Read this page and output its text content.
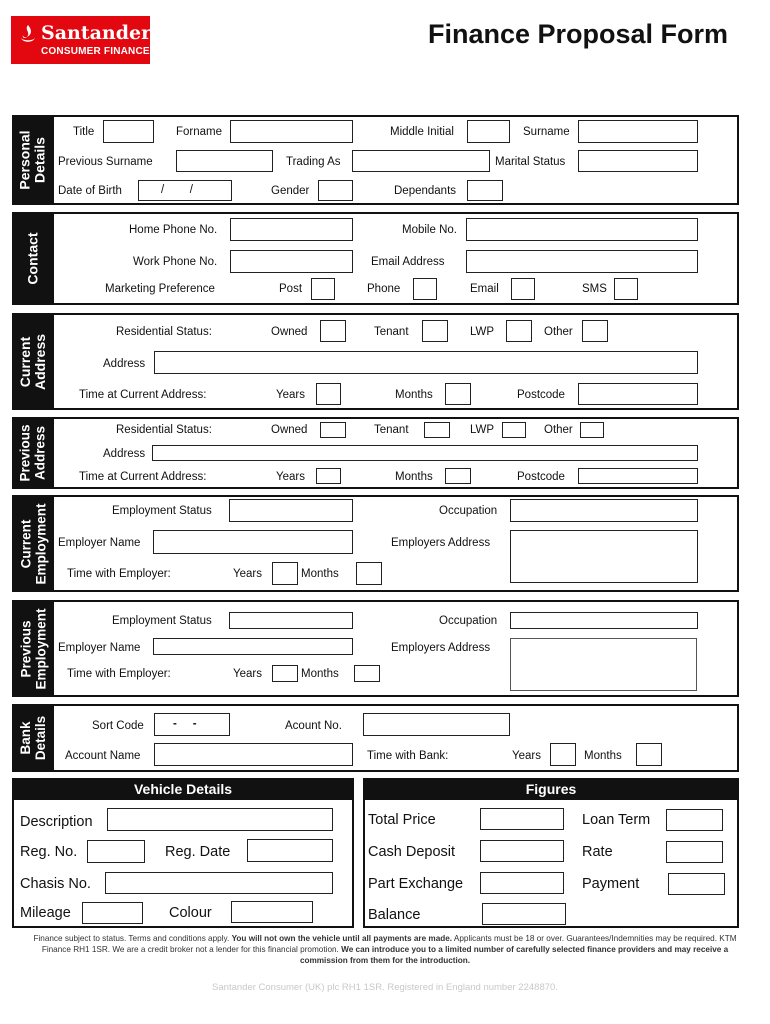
Santander
CONSUMER FINANCE
Finance Proposal Form
Personal Details
Title	Forname	Middle Initial	Surname
Previous Surname	Trading As	Marital Status
Date of Birth	/        /	Gender	Dependants
Contact
Home Phone No.	Mobile No.
Work Phone No.	Email Address
Marketing Preference	Post	Phone	Email	SMS
Current Address
Residential Status:	Owned	Tenant	LWP	Other
Address
Time at Current Address:	Years	Months	Postcode
Previous Address	Residential Status:	Owned	Tenant	LWP	Other
Address
Time at Current Address:	Years	Months	Postcode
Current Employment	Employment Status	Occupation
Employer Name	Employers Address
Time with Employer:	Years	Months
Previous Employment	Employment Status	Occupation
Employer Name	Employers Address
Time with Employer:	Years	Months
Bank Details	Sort Code	-     -	Acount No.
Account Name	Time with Bank:	Years	Months
Vehicle Details
Description
Reg. No.	Reg. Date
Chasis No.
Mileage	Colour
Figures
Total Price	Loan Term
Cash Deposit	Rate
Part Exchange	Payment
Balance
Finance subject to status. Terms and conditions apply. You will not own the vehicle until all payments are made. Applicants must be 18 or over. Guarantees/Indemnities may be required. KTM Finance RH1 1SR. We are a credit broker not a lender for this financial promotion. We can introduce you to a limited number of carefully selected finance providers and may receive a commission from them for the introduction.
Santander Consumer (UK) plc RH1 1SR. Registered in England number 2248870.
